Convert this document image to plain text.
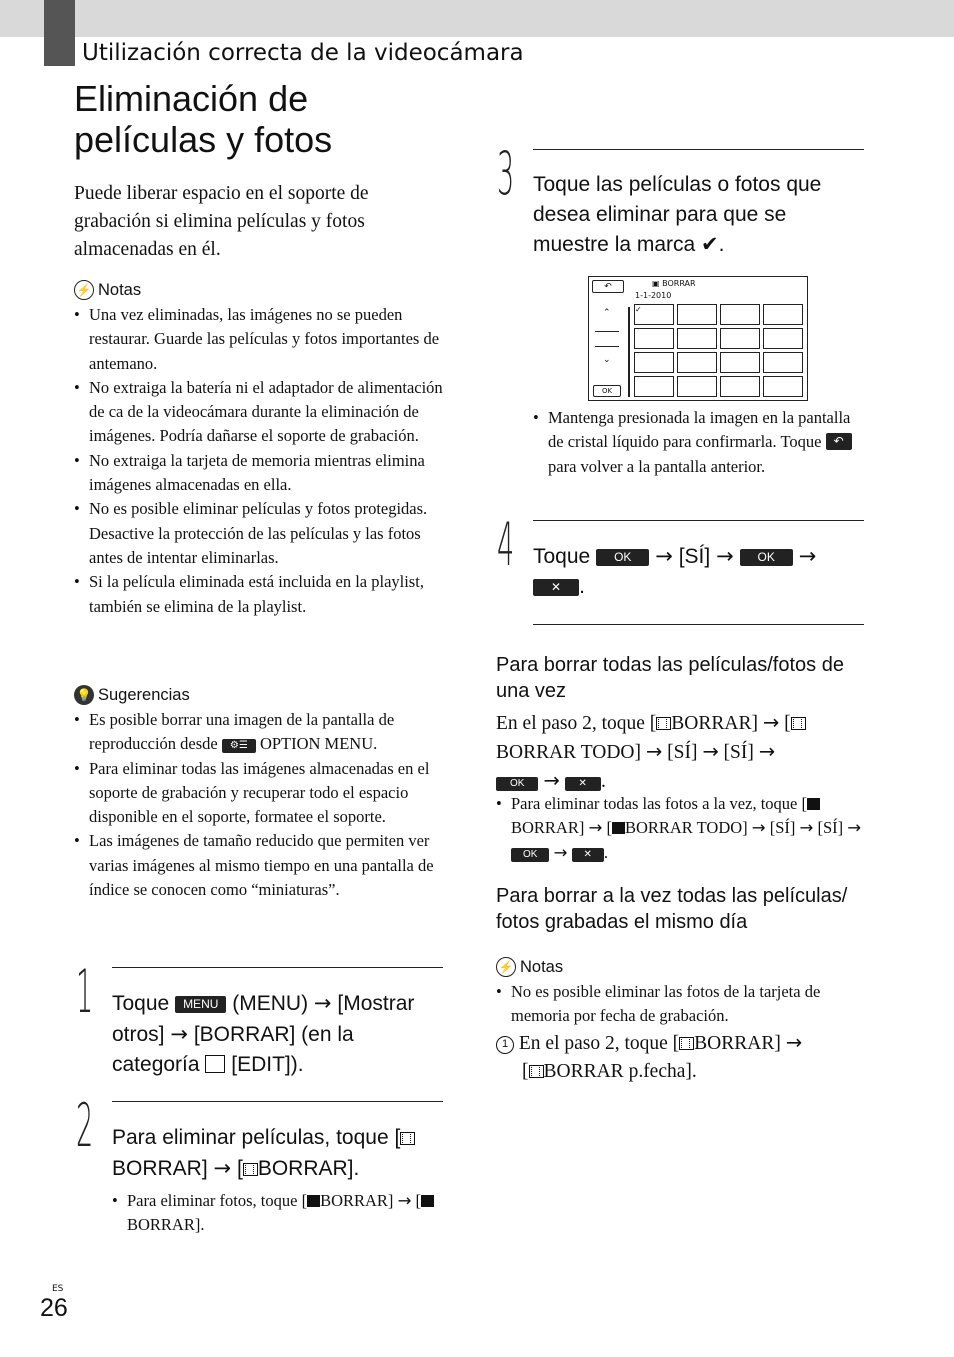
Utilización correcta de la videocámara
Eliminación de
películas y fotos
Puede liberar espacio en el soporte de grabación si elimina películas y fotos almacenadas en él.
⚡ Notas
• Una vez eliminadas, las imágenes no se pueden restaurar. Guarde las películas y fotos importantes de antemano.
• No extraiga la batería ni el adaptador de alimentación de ca de la videocámara durante la eliminación de imágenes. Podría dañarse el soporte de grabación.
• No extraiga la tarjeta de memoria mientras elimina imágenes almacenadas en ella.
• No es posible eliminar películas y fotos protegidas. Desactive la protección de las películas y las fotos antes de intentar eliminarlas.
• Si la película eliminada está incluida en la playlist, también se elimina de la playlist.
💡 Sugerencias
• Es posible borrar una imagen de la pantalla de reproducción desde ⚙☰ OPTION MENU.
• Para eliminar todas las imágenes almacenadas en el soporte de grabación y recuperar todo el espacio disponible en el soporte, formatee el soporte.
• Las imágenes de tamaño reducido que permiten ver varias imágenes al mismo tiempo en una pantalla de índice se conocen como “miniaturas”.
1 Toque MENU (MENU) → [Mostrar otros] → [BORRAR] (en la categoría [EDIT]).
2 Para eliminar películas, toque [BORRAR] → [ BORRAR].
• Para eliminar fotos, toque [ BORRAR] → [BORRAR].
3 Toque las películas o fotos que desea eliminar para que se muestre la marca ✔.
↶	▣ BORRAR
1-1-2010
⌃
⌄
OK
✓
• Mantenga presionada la imagen en la pantalla de cristal líquido para confirmarla. Toque ↶ para volver a la pantalla anterior.
4 Toque OK → [SÍ] → OK →
✕ .
Para borrar todas las películas/fotos de una vez
En el paso 2, toque [ BORRAR] → [BORRAR TODO] → [SÍ] → [SÍ] →
OK → ✕ .
• Para eliminar todas las fotos a la vez, toque [BORRAR] → [ BORRAR TODO] → [SÍ] → [SÍ] → OK → ✕ .
Para borrar a la vez todas las películas/ fotos grabadas el mismo día
⚡ Notas
• No es posible eliminar las fotos de la tarjeta de memoria por fecha de grabación.
1 En el paso 2, toque [ BORRAR] →
[ BORRAR p.fecha].
ES
26
